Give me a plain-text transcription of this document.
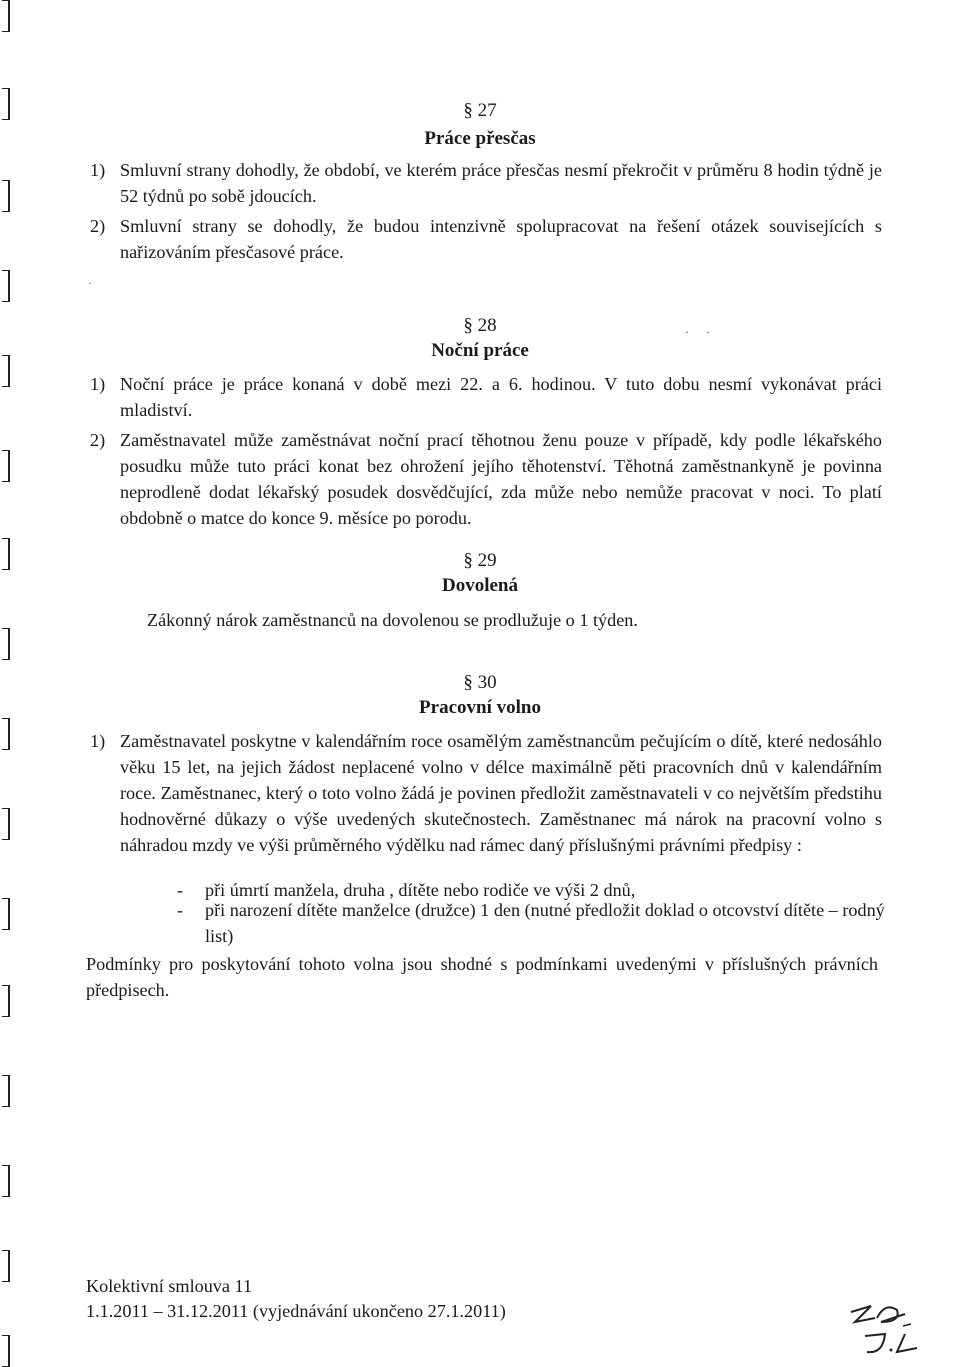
§ 27
Práce přesčas

1) Smluvní strany dohodly, že období, ve kterém práce přesčas nesmí překročit v průměru 8 hodin týdně je 52 týdnů po sobě jdoucích.

2) Smluvní strany se dohodly, že budou intenzivně spolupracovat na řešení otázek souvisejících s nařizováním přesčasové práce.

§ 28
Noční práce

1) Noční práce je práce konaná v době mezi 22. a 6. hodinou. V tuto dobu nesmí vykonávat práci mladiství.

2) Zaměstnavatel může zaměstnávat noční prací těhotnou ženu pouze v případě, kdy podle lékařského posudku může tuto práci konat bez ohrožení jejího těhotenství. Těhotná zaměstnankyně je povinna neprodleně dodat lékařský posudek dosvědčující, zda může nebo nemůže pracovat v noci. To platí obdobně o matce do konce 9. měsíce po porodu.

§ 29
Dovolená

Zákonný nárok zaměstnanců na dovolenou se prodlužuje o 1 týden.

§ 30
Pracovní volno

1) Zaměstnavatel poskytne v kalendářním roce osamělým zaměstnancům pečujícím o dítě, které nedosáhlo věku 15 let, na jejich žádost neplacené volno v délce maximálně pěti pracovních dnů v kalendářním roce. Zaměstnanec, který o toto volno žádá je povinen předložit zaměstnavateli v co největším předstihu hodnověrné důkazy o výše uvedených skutečnostech. Zaměstnanec má nárok na pracovní volno s náhradou mzdy ve výši průměrného výdělku nad rámec daný příslušnými právními předpisy :

- při úmrtí manžela, druha , dítěte nebo rodiče ve výši 2 dnů,
- při narození dítěte manželce (družce) 1 den (nutné předložit doklad o otcovství dítěte – rodný list)

Podmínky pro poskytování tohoto volna jsou shodné s podmínkami uvedenými v příslušných právních předpisech.

Kolektivní smlouva 11
1.1.2011 – 31.12.2011 (vyjednávání ukončeno 27.1.2011)
·
· ·
